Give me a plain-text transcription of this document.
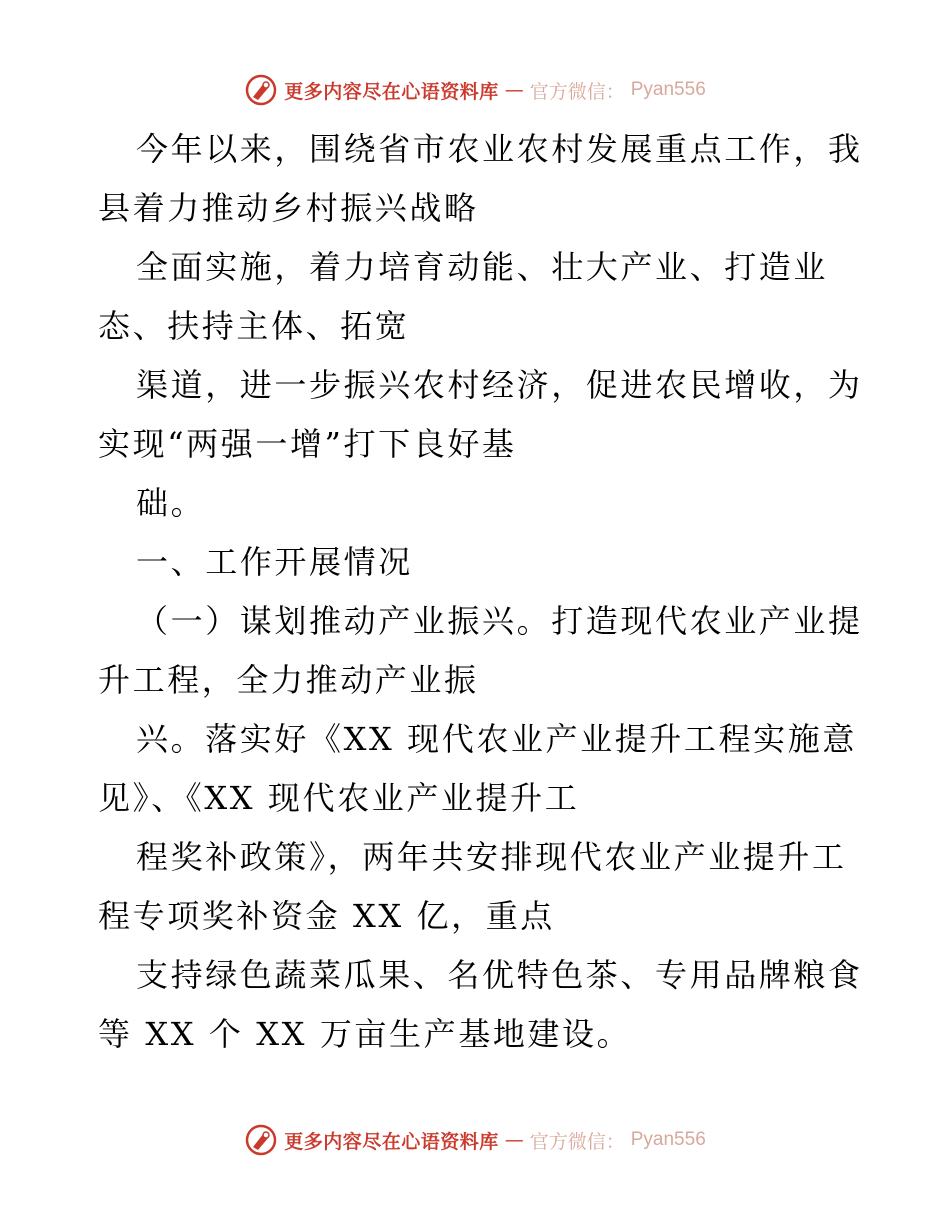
更多内容尽在心语资料库 — 官方微信： Pyan556
今年以来，围绕省市农业农村发展重点工作，我
县着力推动乡村振兴战略
全面实施，着力培育动能、壮大产业、打造业
态、扶持主体、拓宽
渠道，进一步振兴农村经济，促进农民增收，为
实现“两强一增”打下良好基
础。
一、工作开展情况
（一）谋划推动产业振兴。打造现代农业产业提
升工程，全力推动产业振
兴。落实好《XX 现代农业产业提升工程实施意
见》、《XX 现代农业产业提升工
程奖补政策》，两年共安排现代农业产业提升工
程专项奖补资金 XX 亿，重点
支持绿色蔬菜瓜果、名优特色茶、专用品牌粮食
等 XX 个 XX 万亩生产基地建设。
更多内容尽在心语资料库 — 官方微信： Pyan556
